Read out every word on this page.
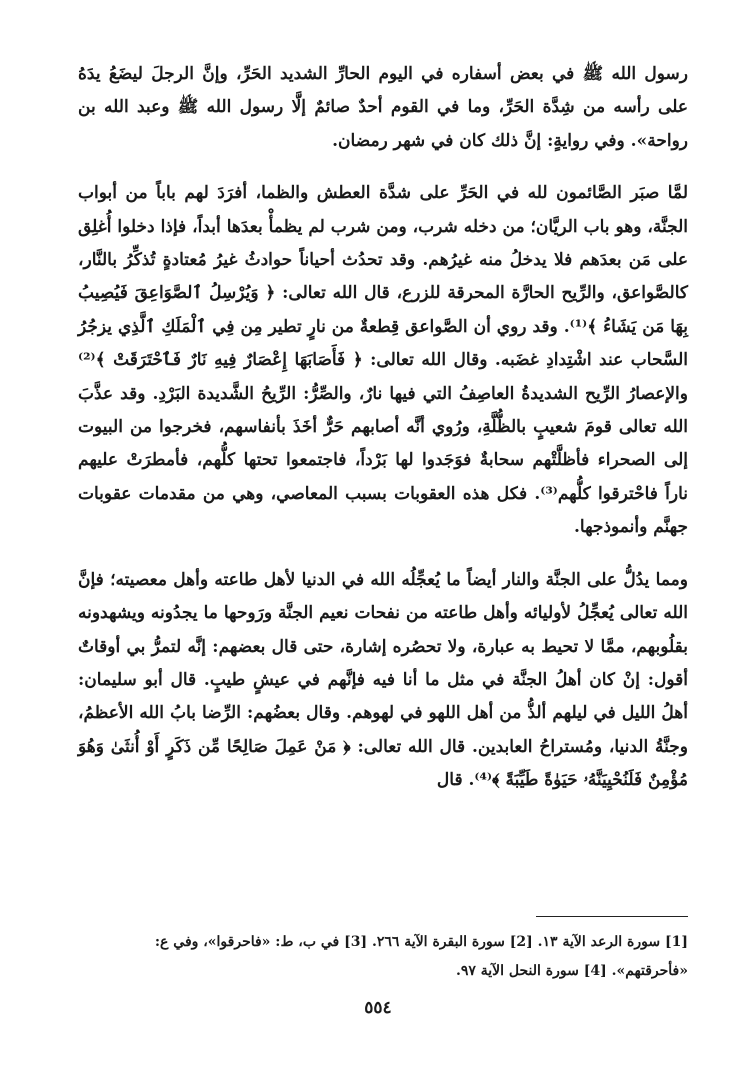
رسول الله ﷺ في بعض أسفاره في اليوم الحارِّ الشديد الحَرِّ، وإنَّ الرجلَ ليضَعُ يدَهُ على رأسه من شِدَّة الحَرِّ، وما في القوم أحدٌ صائمٌ إلَّا رسول الله ﷺ وعبد الله بن رواحة». وفي روايةٍ: إنَّ ذلك كان في شهر رمضان.

لمَّا صبَر الصَّائمون لله في الحَرِّ على شدَّة العطش والظما، أفرَدَ لهم باباً من أبواب الجنَّة، وهو باب الريَّان؛ من دخله شرب، ومن شرب لم يظمأْ بعدَها أبداً، فإذا دخلوا أُغلِق على مَن بعدَهم فلا يدخلُ منه غيرُهم. وقد تحدُث أحياناً حوادثُ غيرُ مُعتادةٍ تُذكِّرُ بالنَّار، كالصَّواعق، والرِّيح الحارَّة المحرقة للزرع، قال الله تعالى: ﴿ وَيُرْسِلُ ٱلصَّوَاعِقَ فَيُصِيبُ بِهَا مَن يَشَاءُ ﴾⁽¹⁾. وقد روي أن الصَّواعق قِطعةٌ من نارٍ تطير مِن فِي ٱلْمَلَكِ ٱلَّذِي يزجُرُ السَّحاب عند اشْتِدادِ غضَبه. وقال الله تعالى: ﴿ فَأَصَابَهَا إِعْصَارٌ فِيهِ نَارٌ فَٱحْتَرَقَتْ ﴾⁽²⁾ والإعصارُ الرِّيح الشديدةُ العاصِفُ التي فيها نارٌ، والصِّرُّ: الرِّيحُ الشَّديدة البَرْدِ. وقد عذَّبَ الله تعالى قومَ شعيبٍ بالظُّلَّةِ، ورُوي أنَّه أصابهم حَرٌّ أخَذَ بأنفاسهم، فخرجوا من البيوت إلى الصحراء فأظلَّتْهم سحابةٌ فوَجَدوا لها بَرْداً، فاجتمعوا تحتها كلُّهم، فأمطرَتْ عليهم ناراً فاحْترقوا كلُّهم⁽³⁾. فكل هذه العقوبات بسبب المعاصي، وهي من مقدمات عقوبات جهنَّم وأنموذجها.

ومما يدُلُّ على الجنَّة والنار أيضاً ما يُعجِّلُه الله في الدنيا لأهل طاعته وأهل معصيته؛ فإنَّ الله تعالى يُعجِّلُ لأوليائه وأهل طاعته من نفحات نعيم الجنَّة ورَوحها ما يجدُونه ويشهدونه بقلُوبهم، ممَّا لا تحيط به عبارة، ولا تحصُره إشارة، حتى قال بعضهم: إنَّه لتمرُّ بي أوقاتٌ أقول: إنْ كان أهلُ الجنَّة في مثل ما أنا فيه فإنَّهم في عيشٍ طيبٍ. قال أبو سليمان: أهلُ الليل في ليلهم ألذُّ من أهل اللهو في لهوهم. وقال بعضُهم: الرِّضا بابُ الله الأعظمُ، وجنَّةُ الدنيا، ومُستراحُ العابدين. قال الله تعالى: ﴿ مَنْ عَمِلَ صَالِحًا مِّن ذَكَرٍ أَوْ أُنثَىٰ وَهُوَ مُؤْمِنٌ فَلَنُحْيِيَنَّهُۥ حَيَوٰةً طَيِّبَةً ﴾⁽⁴⁾. قال

[1] سورة الرعد الآية ١٣. [2] سورة البقرة الآية ٢٦٦. [3] في ب، ط: «فاحرقوا»، وفي ع: «فأحرقتهم». [4] سورة النحل الآية ٩٧.

٥٥٤
